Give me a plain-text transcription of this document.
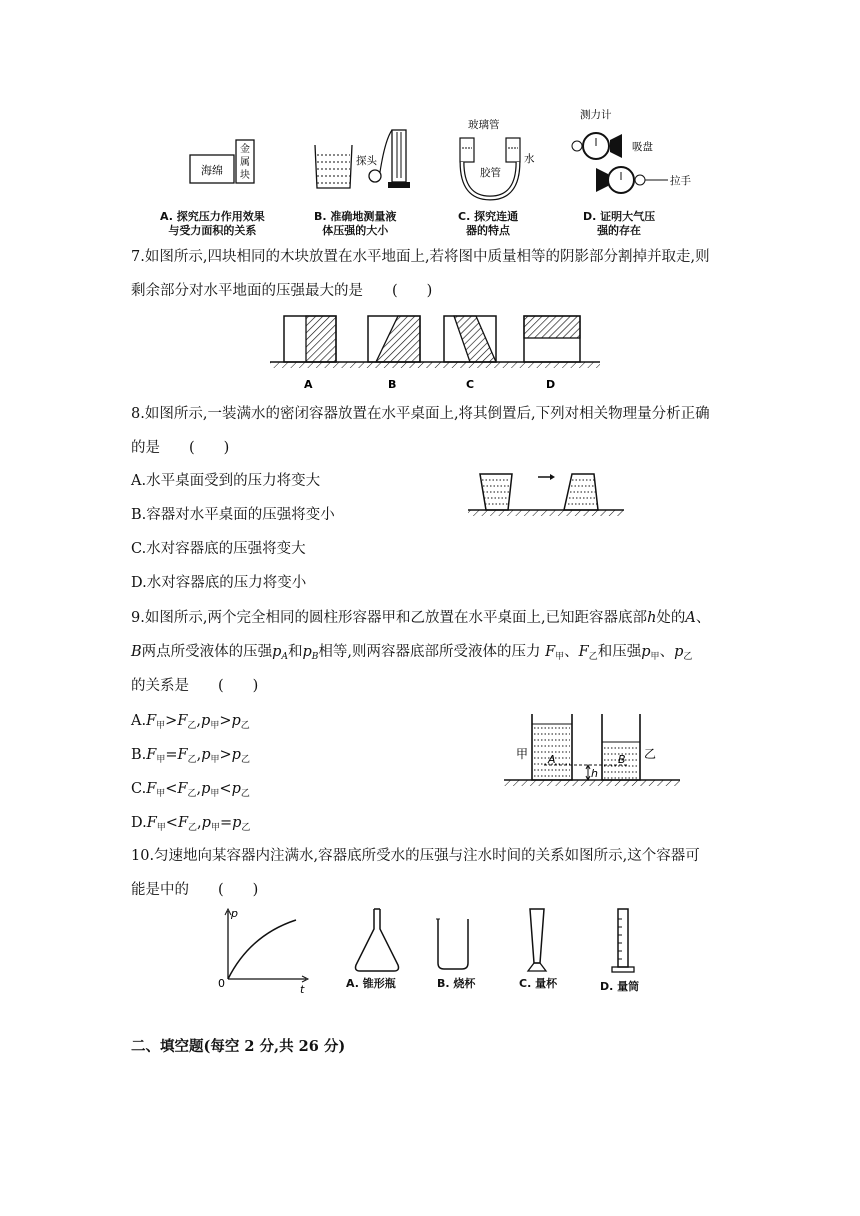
海绵
金
属
块
探头
玻璃管
胶管
水
测力计
吸盘
拉手
A. 探究压力作用效果
与受力面积的关系
B. 准确地测量液
体压强的大小
C. 探究连通
器的特点
D. 证明大气压
强的存在
7.如图所示,四块相同的木块放置在水平地面上,若将图中质量相等的阴影部分割掉并取走,则
剩余部分对水平地面的压强最大的是　　(　　)
A	B	C	D
8.如图所示,一装满水的密闭容器放置在水平桌面上,将其倒置后,下列对相关物理量分析正确
的是　　(　　)
A.水平桌面受到的压力将变大
B.容器对水平桌面的压强将变小
C.水对容器底的压强将变大
D.水对容器底的压力将变小
9.如图所示,两个完全相同的圆柱形容器甲和乙放置在水平桌面上,已知距容器底部h处的A、
B两点所受液体的压强$p_A$和$p_B$相等,则两容器底部所受液体的压力 $F_甲$、$F_乙$和压强$p_甲$、$p_乙$
的关系是　　(　　)
$A.F_甲>F_乙,p_甲>p_乙$
$B.F_甲=F_乙,p_甲>p_乙$
$C.F_甲<F_乙,p_甲<p_乙$
$D.F_甲<F_乙,p_甲=p_乙$
A	B
h
甲	乙
10.匀速地向某容器内注满水,容器底所受水的压强与注水时间的关系如图所示,这个容器可
能是中的　　(　　)
p
t
0	A. 锥形瓶	B. 烧杯	C. 量杯	D. 量筒
二、填空题(每空 2 分,共 26 分)
